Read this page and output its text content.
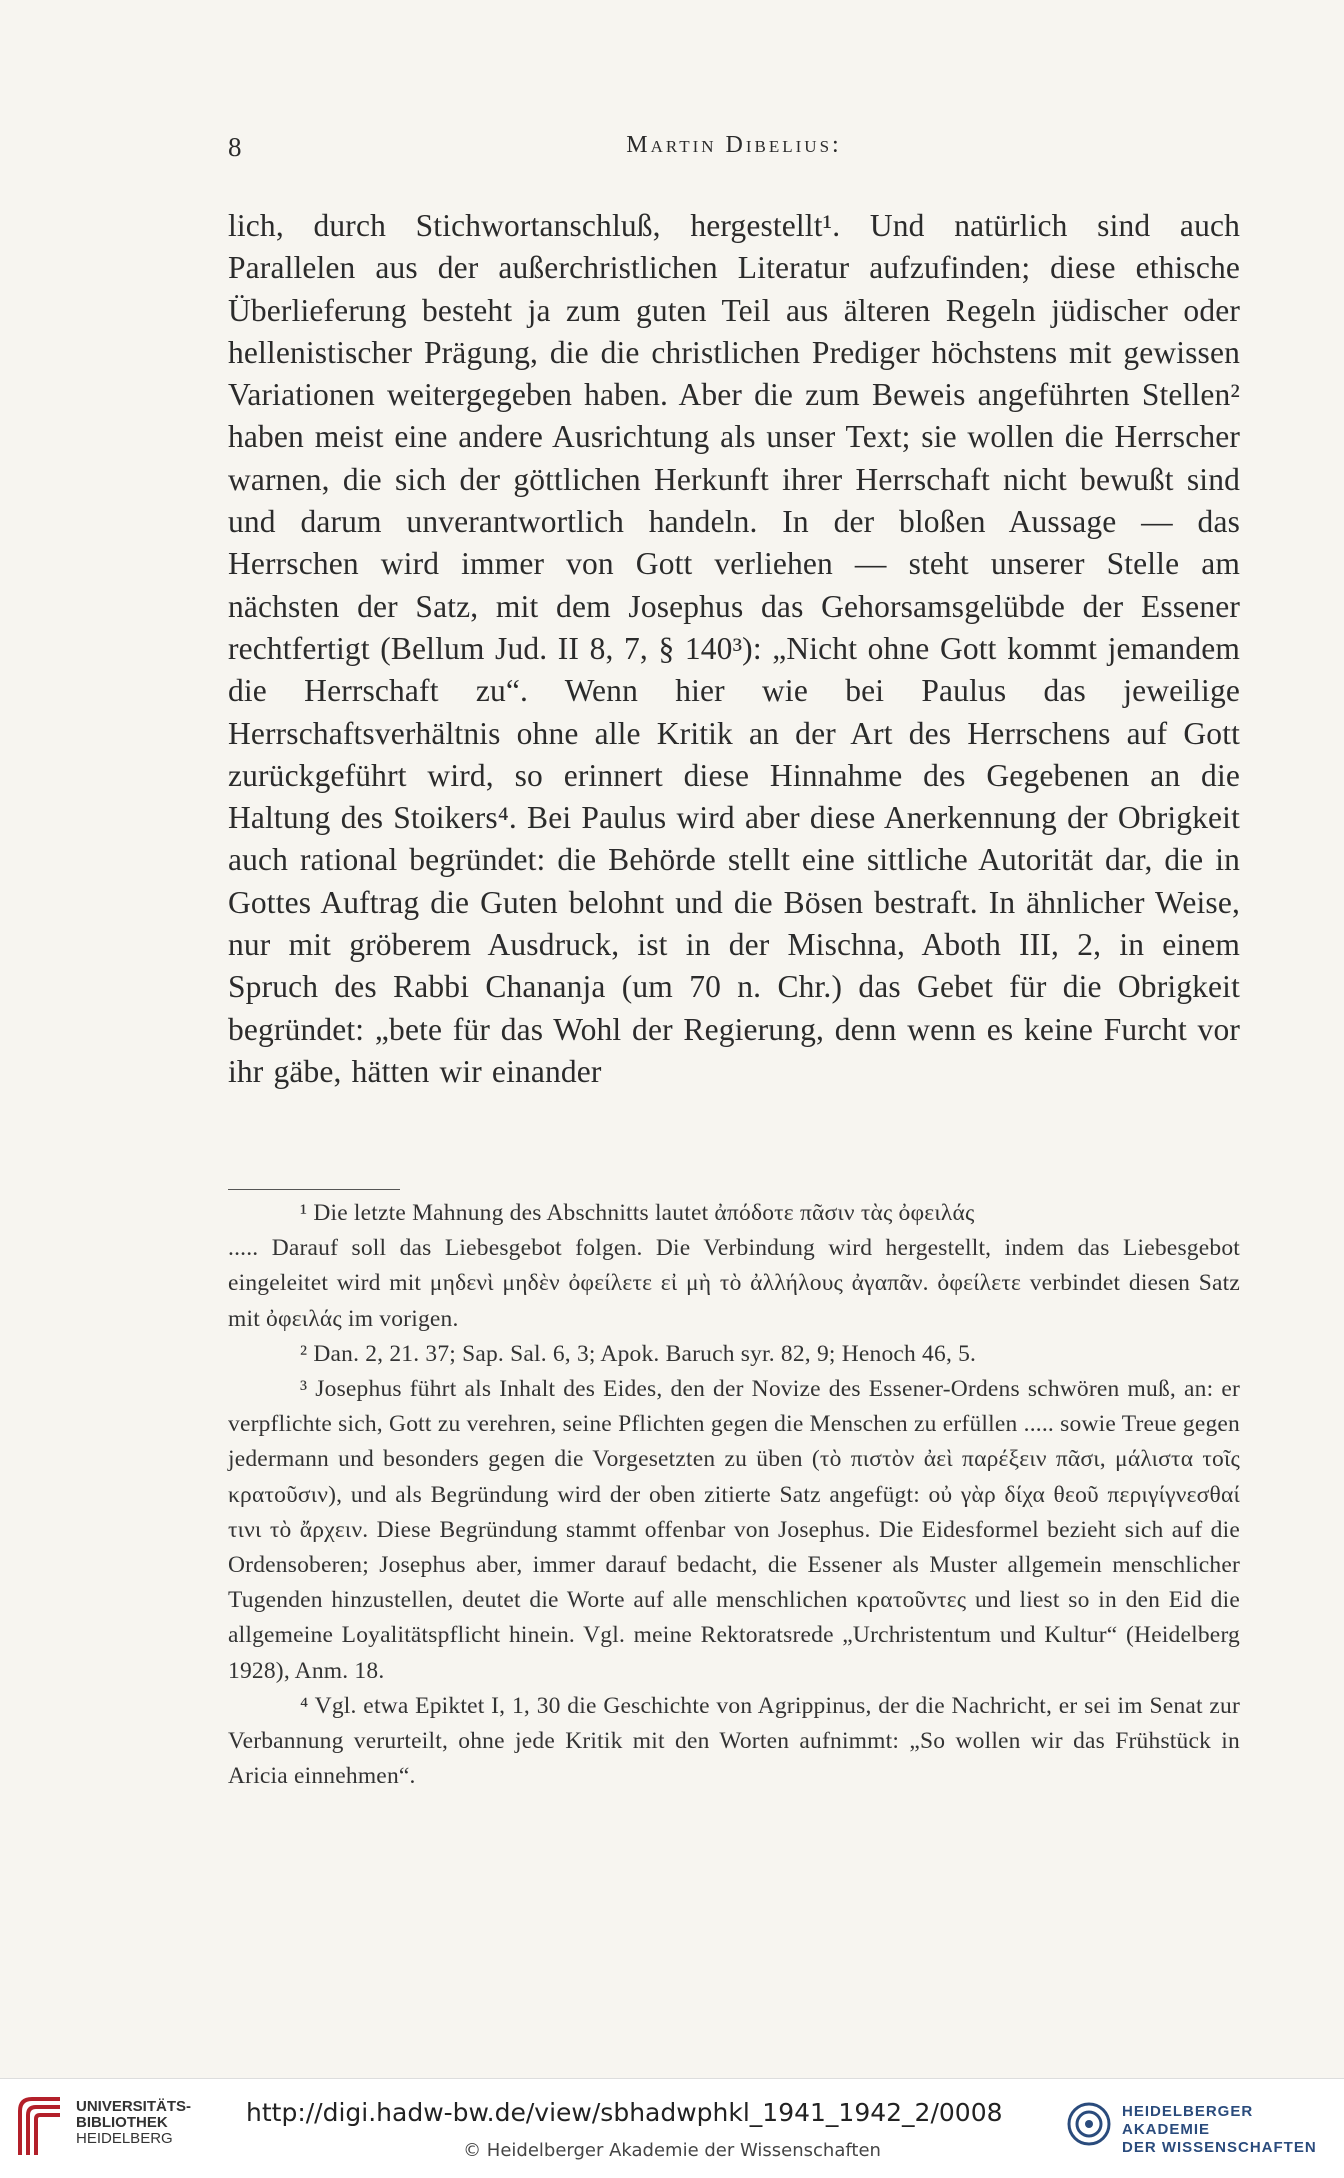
8	Martin Dibelius:

lich, durch Stichwortanschluß, hergestellt¹. Und natürlich sind auch Parallelen aus der außerchristlichen Literatur aufzufinden; diese ethische Überlieferung besteht ja zum guten Teil aus älteren Regeln jüdischer oder hellenistischer Prägung, die die christlichen Prediger höchstens mit gewissen Variationen weitergegeben haben. Aber die zum Beweis angeführten Stellen² haben meist eine andere Ausrichtung als unser Text; sie wollen die Herrscher warnen, die sich der göttlichen Herkunft ihrer Herrschaft nicht bewußt sind und darum unverantwortlich handeln. In der bloßen Aussage — das Herrschen wird immer von Gott verliehen — steht unserer Stelle am nächsten der Satz, mit dem Josephus das Gehorsamsgelübde der Essener rechtfertigt (Bellum Jud. II 8, 7, § 140³): „Nicht ohne Gott kommt jemandem die Herrschaft zu“. Wenn hier wie bei Paulus das jeweilige Herrschaftsverhältnis ohne alle Kritik an der Art des Herrschens auf Gott zurückgeführt wird, so erinnert diese Hinnahme des Gegebenen an die Haltung des Stoikers⁴. Bei Paulus wird aber diese Anerkennung der Obrigkeit auch rational begründet: die Behörde stellt eine sittliche Autorität dar, die in Gottes Auftrag die Guten belohnt und die Bösen bestraft. In ähnlicher Weise, nur mit gröberem Ausdruck, ist in der Mischna, Aboth III, 2, in einem Spruch des Rabbi Chananja (um 70 n. Chr.) das Gebet für die Obrigkeit begründet: „bete für das Wohl der Regierung, denn wenn es keine Furcht vor ihr gäbe, hätten wir einander

¹ Die letzte Mahnung des Abschnitts lautet ἀπόδοτε πᾶσιν τὰς ὀφειλάς

..... Darauf soll das Liebesgebot folgen. Die Verbindung wird hergestellt, indem das Liebesgebot eingeleitet wird mit μηδενὶ μηδὲν ὀφείλετε εἰ μὴ τὸ ἀλλήλους ἀγαπᾶν. ὀφείλετε verbindet diesen Satz mit ὀφειλάς im vorigen.

² Dan. 2, 21. 37; Sap. Sal. 6, 3; Apok. Baruch syr. 82, 9; Henoch 46, 5.

³ Josephus führt als Inhalt des Eides, den der Novize des Essener-Ordens schwören muß, an: er verpflichte sich, Gott zu verehren, seine Pflichten gegen die Menschen zu erfüllen ..... sowie Treue gegen jedermann und besonders gegen die Vorgesetzten zu üben (τὸ πιστὸν ἀεὶ παρέξειν πᾶσι, μάλιστα τοῖς κρατοῦσιν), und als Begründung wird der oben zitierte Satz angefügt: οὐ γὰρ δίχα θεοῦ περιγίγνεσθαί τινι τὸ ἄρχειν. Diese Begründung stammt offenbar von Josephus. Die Eidesformel bezieht sich auf die Ordensoberen; Josephus aber, immer darauf bedacht, die Essener als Muster allgemein menschlicher Tugenden hinzustellen, deutet die Worte auf alle menschlichen κρατοῦντες und liest so in den Eid die allgemeine Loyalitätspflicht hinein. Vgl. meine Rektoratsrede „Urchristentum und Kultur“ (Heidelberg 1928), Anm. 18.

⁴ Vgl. etwa Epiktet I, 1, 30 die Geschichte von Agrippinus, der die Nachricht, er sei im Senat zur Verbannung verurteilt, ohne jede Kritik mit den Worten aufnimmt: „So wollen wir das Frühstück in Aricia einnehmen“.

UNIVERSITÄTS-
BIBLIOTHEK
HEIDELBERG
http://digi.hadw-bw.de/view/sbhadwphkl_1941_1942_2/0008
© Heidelberger Akademie der Wissenschaften
HEIDELBERGER AKADEMIE
DER WISSENSCHAFTEN
